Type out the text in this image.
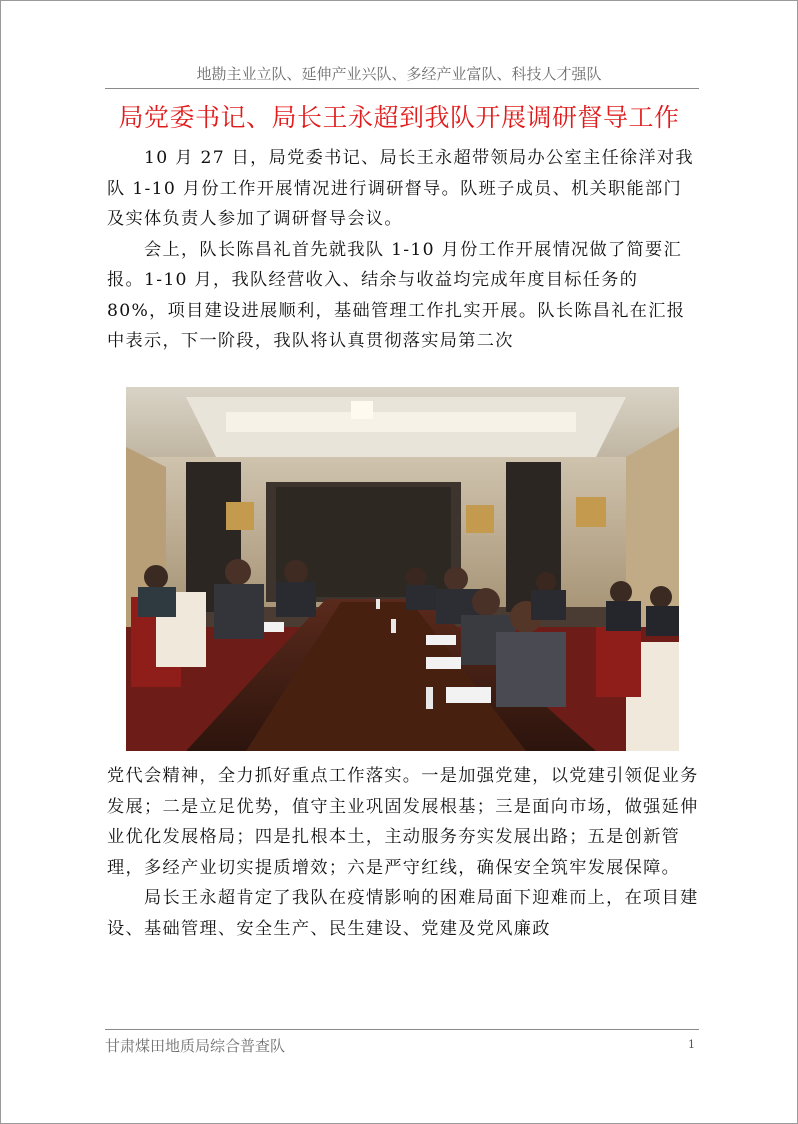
地勘主业立队、延伸产业兴队、多经产业富队、科技人才强队
局党委书记、局长王永超到我队开展调研督导工作

10 月 27 日，局党委书记、局长王永超带领局办公室主任徐洋对我队 1-10 月份工作开展情况进行调研督导。队班子成员、机关职能部门及实体负责人参加了调研督导会议。

会上，队长陈昌礼首先就我队 1-10 月份工作开展情况做了简要汇报。1-10 月，我队经营收入、结余与收益均完成年度目标任务的 80%，项目建设进展顺利，基础管理工作扎实开展。队长陈昌礼在汇报中表示，下一阶段，我队将认真贯彻落实局第二次

党代会精神，全力抓好重点工作落实。一是加强党建，以党建引领促业务发展；二是立足优势，值守主业巩固发展根基；三是面向市场，做强延伸业优化发展格局；四是扎根本土，主动服务夯实发展出路；五是创新管理，多经产业切实提质增效；六是严守红线，确保安全筑牢发展保障。

局长王永超肯定了我队在疫情影响的困难局面下迎难而上，在项目建设、基础管理、安全生产、民生建设、党建及党风廉政

甘肃煤田地质局综合普查队	1
